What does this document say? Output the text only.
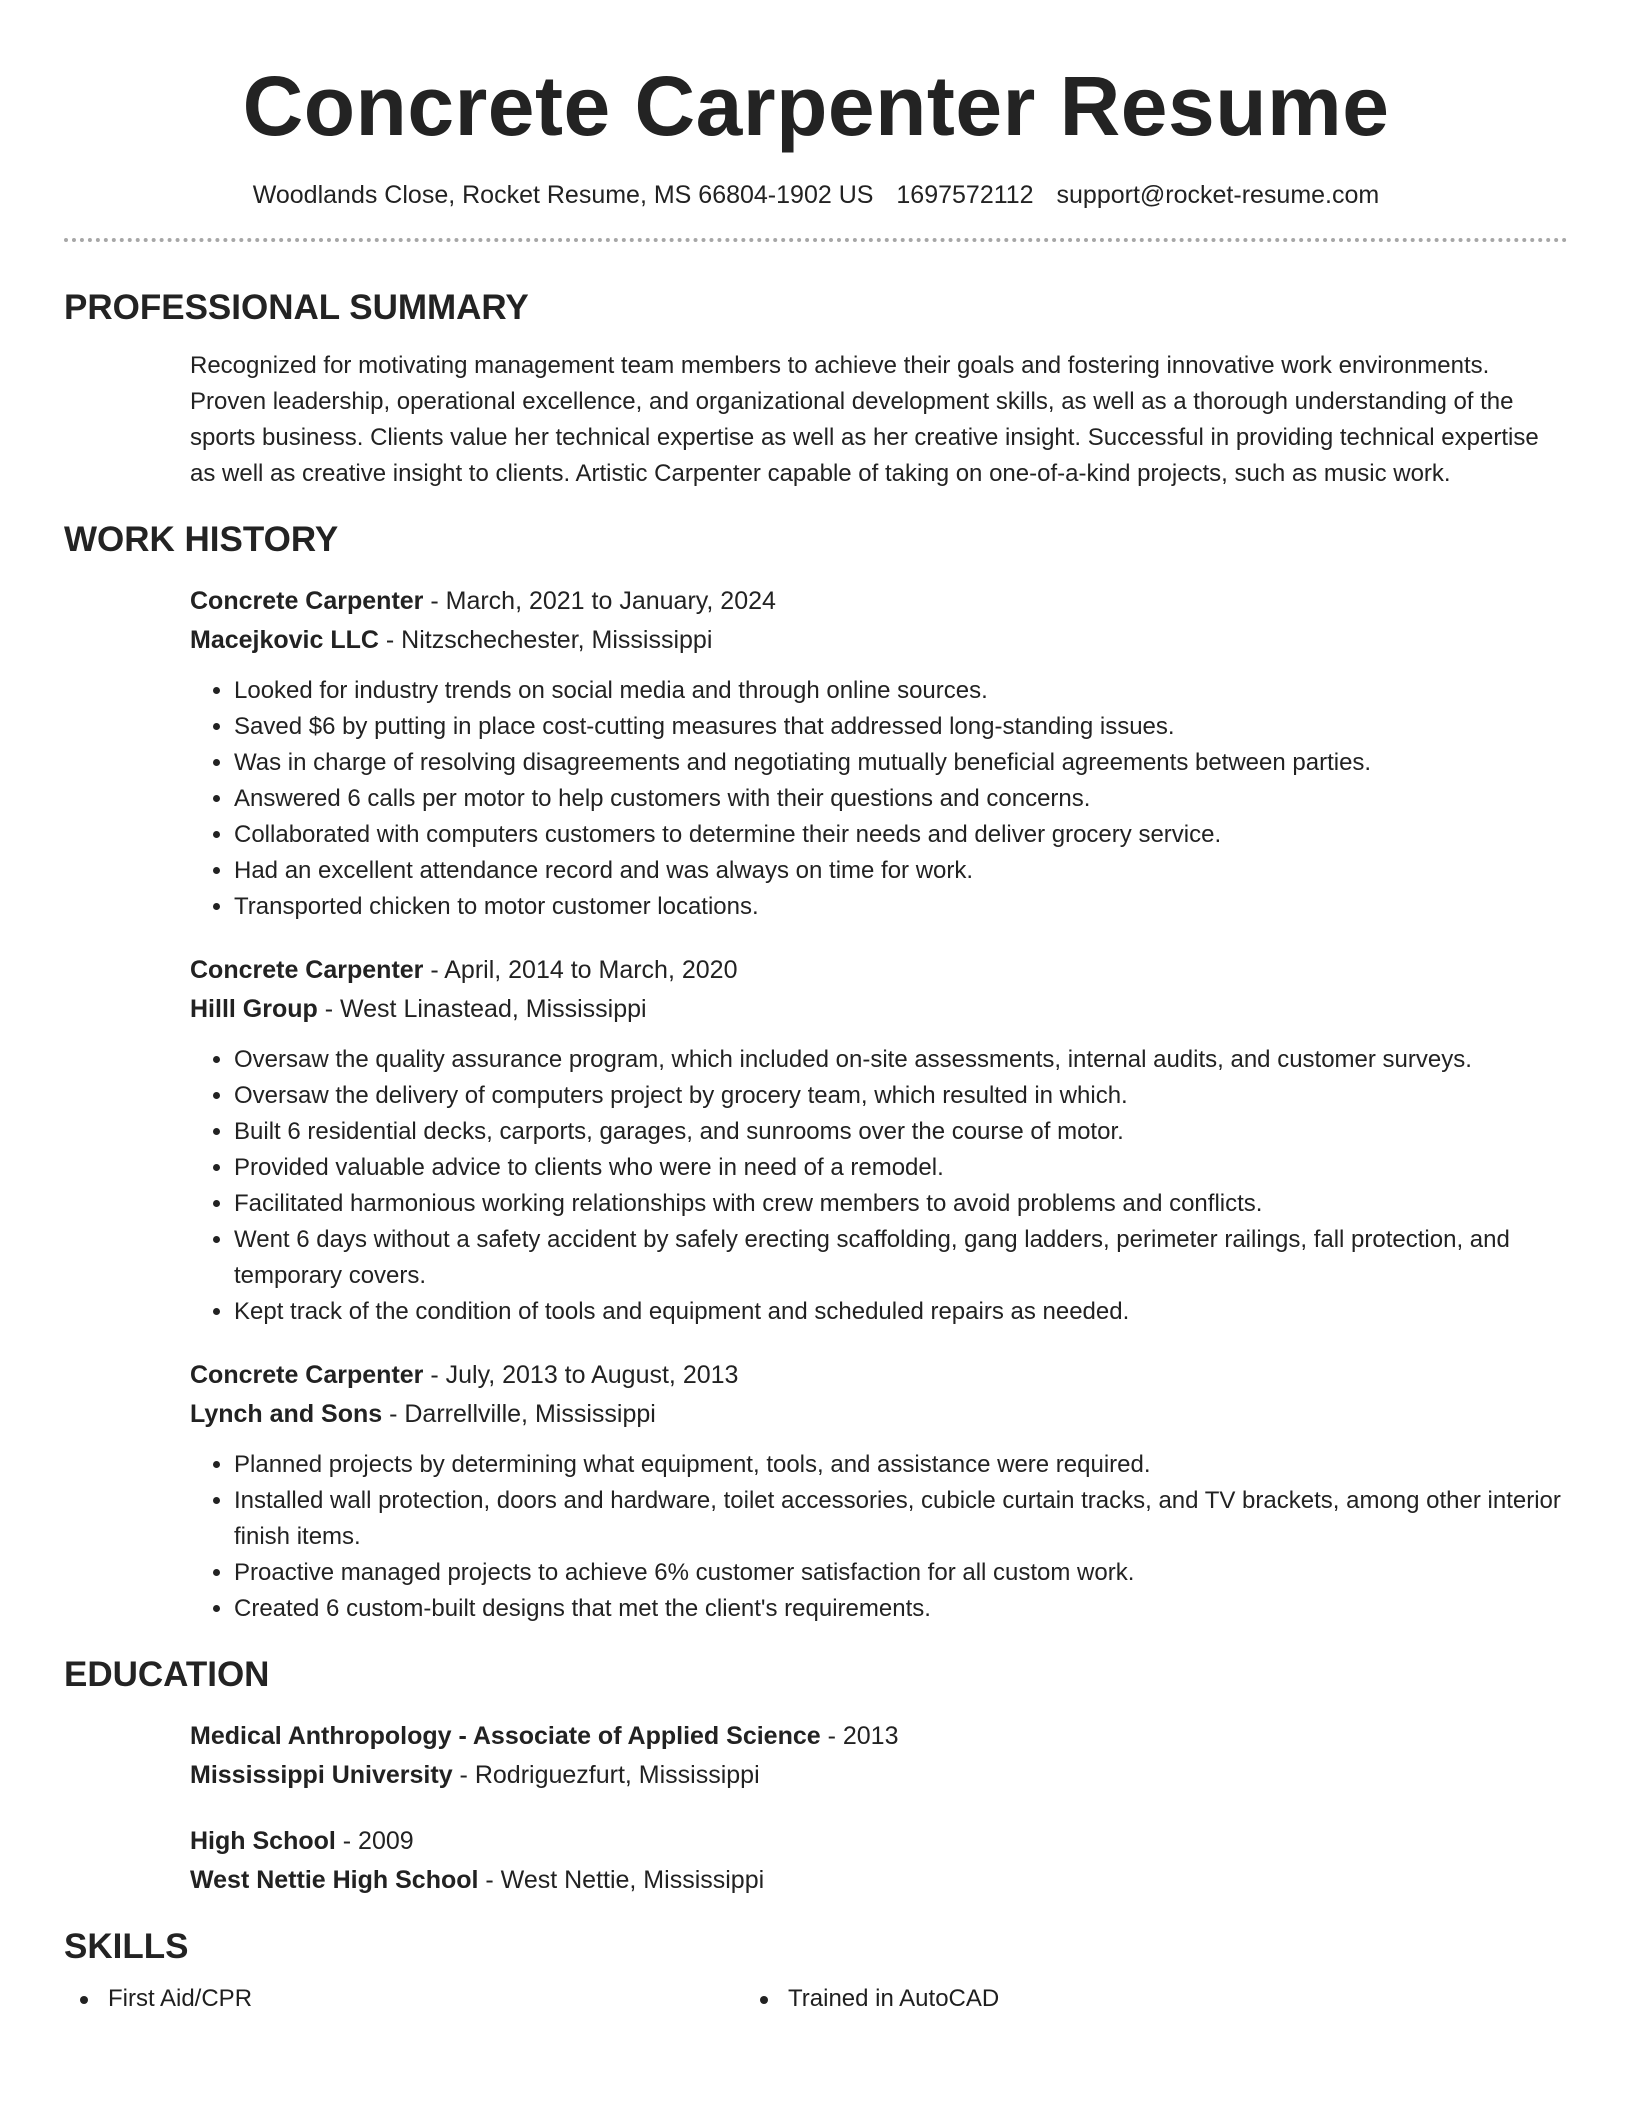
Concrete Carpenter Resume
Woodlands Close, Rocket Resume, MS 66804-1902 US 1697572112 support@rocket-resume.com
PROFESSIONAL SUMMARY

Recognized for motivating management team members to achieve their goals and fostering innovative work environments. Proven leadership, operational excellence, and organizational development skills, as well as a thorough understanding of the sports business. Clients value her technical expertise as well as her creative insight. Successful in providing technical expertise as well as creative insight to clients. Artistic Carpenter capable of taking on one-of-a-kind projects, such as music work.

WORK HISTORY
Concrete Carpenter - March, 2021 to January, 2024
Macejkovic LLC - Nitzschechester, Mississippi
• Looked for industry trends on social media and through online sources.
• Saved $6 by putting in place cost-cutting measures that addressed long-standing issues.
• Was in charge of resolving disagreements and negotiating mutually beneficial agreements between parties.
• Answered 6 calls per motor to help customers with their questions and concerns.
• Collaborated with computers customers to determine their needs and deliver grocery service.
• Had an excellent attendance record and was always on time for work.
• Transported chicken to motor customer locations.
Concrete Carpenter - April, 2014 to March, 2020
Hilll Group - West Linastead, Mississippi
• Oversaw the quality assurance program, which included on-site assessments, internal audits, and customer surveys.
• Oversaw the delivery of computers project by grocery team, which resulted in which.
• Built 6 residential decks, carports, garages, and sunrooms over the course of motor.
• Provided valuable advice to clients who were in need of a remodel.
• Facilitated harmonious working relationships with crew members to avoid problems and conflicts.
• Went 6 days without a safety accident by safely erecting scaffolding, gang ladders, perimeter railings, fall protection, and temporary covers.
• Kept track of the condition of tools and equipment and scheduled repairs as needed.
Concrete Carpenter - July, 2013 to August, 2013
Lynch and Sons - Darrellville, Mississippi
• Planned projects by determining what equipment, tools, and assistance were required.
• Installed wall protection, doors and hardware, toilet accessories, cubicle curtain tracks, and TV brackets, among other interior finish items.
• Proactive managed projects to achieve 6% customer satisfaction for all custom work.
• Created 6 custom-built designs that met the client's requirements.
EDUCATION
Medical Anthropology - Associate of Applied Science - 2013
Mississippi University - Rodriguezfurt, Mississippi
High School - 2009
West Nettie High School - West Nettie, Mississippi
SKILLS
First Aid/CPR	Trained in AutoCAD
